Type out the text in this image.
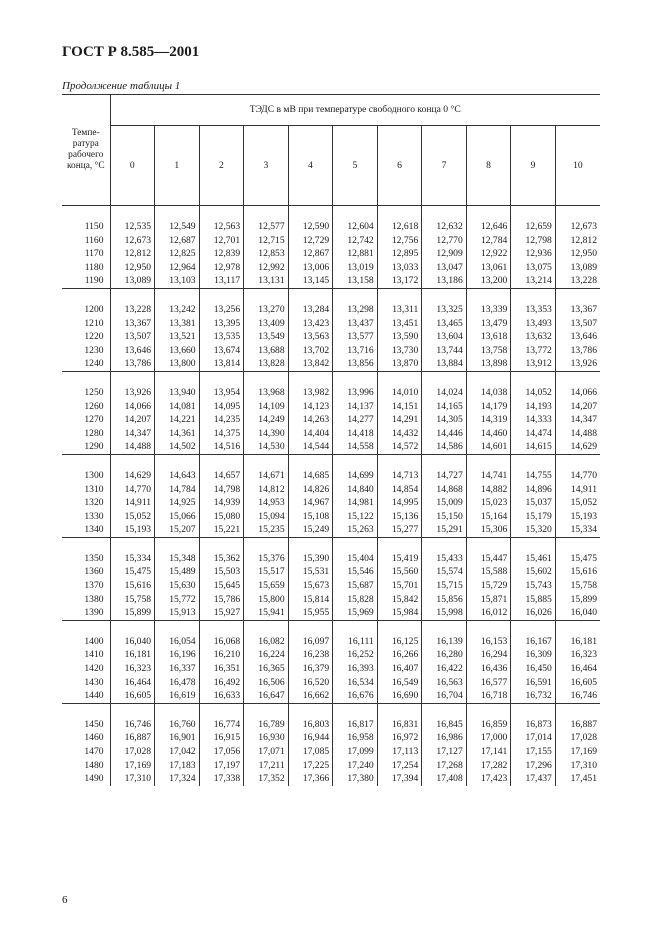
ГОСТ Р 8.585—2001
Продолжение таблицы 1
Темпе-ратура рабочего конца, °С	ТЭДС в мВ при температуре свободного конца 0 °С										
	0	1	2	3	4	5	6	7	8	9	10

1150	12,535	12,549	12,563	12,577	12,590	12,604	12,618	12,632	12,646	12,659	12,673
1160	12,673	12,687	12,701	12,715	12,729	12,742	12,756	12,770	12,784	12,798	12,812
1170	12,812	12,825	12,839	12,853	12,867	12,881	12,895	12,909	12,922	12,936	12,950
1180	12,950	12,964	12,978	12,992	13,006	13,019	13,033	13,047	13,061	13,075	13,089
1190	13,089	13,103	13,117	13,131	13,145	13,158	13,172	13,186	13,200	13,214	13,228

1200	13,228	13,242	13,256	13,270	13,284	13,298	13,311	13,325	13,339	13,353	13,367
1210	13,367	13,381	13,395	13,409	13,423	13,437	13,451	13,465	13,479	13,493	13,507
1220	13,507	13,521	13,535	13,549	13,563	13,577	13,590	13,604	13,618	13,632	13,646
1230	13,646	13,660	13,674	13,688	13,702	13,716	13,730	13,744	13,758	13,772	13,786
1240	13,786	13,800	13,814	13,828	13,842	13,856	13,870	13,884	13,898	13,912	13,926

1250	13,926	13,940	13,954	13,968	13,982	13,996	14,010	14,024	14,038	14,052	14,066
1260	14,066	14,081	14,095	14,109	14,123	14,137	14,151	14,165	14,179	14,193	14,207
1270	14,207	14,221	14,235	14,249	14,263	14,277	14,291	14,305	14,319	14,333	14,347
1280	14,347	14,361	14,375	14,390	14,404	14,418	14,432	14,446	14,460	14,474	14,488
1290	14,488	14,502	14,516	14,530	14,544	14,558	14,572	14,586	14,601	14,615	14,629

1300	14,629	14,643	14,657	14,671	14,685	14,699	14,713	14,727	14,741	14,755	14,770
1310	14,770	14,784	14,798	14,812	14,826	14,840	14,854	14,868	14,882	14,896	14,911
1320	14,911	14,925	14,939	14,953	14,967	14,981	14,995	15,009	15,023	15,037	15,052
1330	15,052	15,066	15,080	15,094	15,108	15,122	15,136	15,150	15,164	15,179	15,193
1340	15,193	15,207	15,221	15,235	15,249	15,263	15,277	15,291	15,306	15,320	15,334

1350	15,334	15,348	15,362	15,376	15,390	15,404	15,419	15,433	15,447	15,461	15,475
1360	15,475	15,489	15,503	15,517	15,531	15,546	15,560	15,574	15,588	15,602	15,616
1370	15,616	15,630	15,645	15,659	15,673	15,687	15,701	15,715	15,729	15,743	15,758
1380	15,758	15,772	15,786	15,800	15,814	15,828	15,842	15,856	15,871	15,885	15,899
1390	15,899	15,913	15,927	15,941	15,955	15,969	15,984	15,998	16,012	16,026	16,040

1400	16,040	16,054	16,068	16,082	16,097	16,111	16,125	16,139	16,153	16,167	16,181
1410	16,181	16,196	16,210	16,224	16,238	16,252	16,266	16,280	16,294	16,309	16,323
1420	16,323	16,337	16,351	16,365	16,379	16,393	16,407	16,422	16,436	16,450	16,464
1430	16,464	16,478	16,492	16,506	16,520	16,534	16,549	16,563	16,577	16,591	16,605
1440	16,605	16,619	16,633	16,647	16,662	16,676	16,690	16,704	16,718	16,732	16,746

1450	16,746	16,760	16,774	16,789	16,803	16,817	16,831	16,845	16,859	16,873	16,887
1460	16,887	16,901	16,915	16,930	16,944	16,958	16,972	16,986	17,000	17,014	17,028
1470	17,028	17,042	17,056	17,071	17,085	17,099	17,113	17,127	17,141	17,155	17,169
1480	17,169	17,183	17,197	17,211	17,225	17,240	17,254	17,268	17,282	17,296	17,310
1490	17,310	17,324	17,338	17,352	17,366	17,380	17,394	17,408	17,423	17,437	17,451
6
